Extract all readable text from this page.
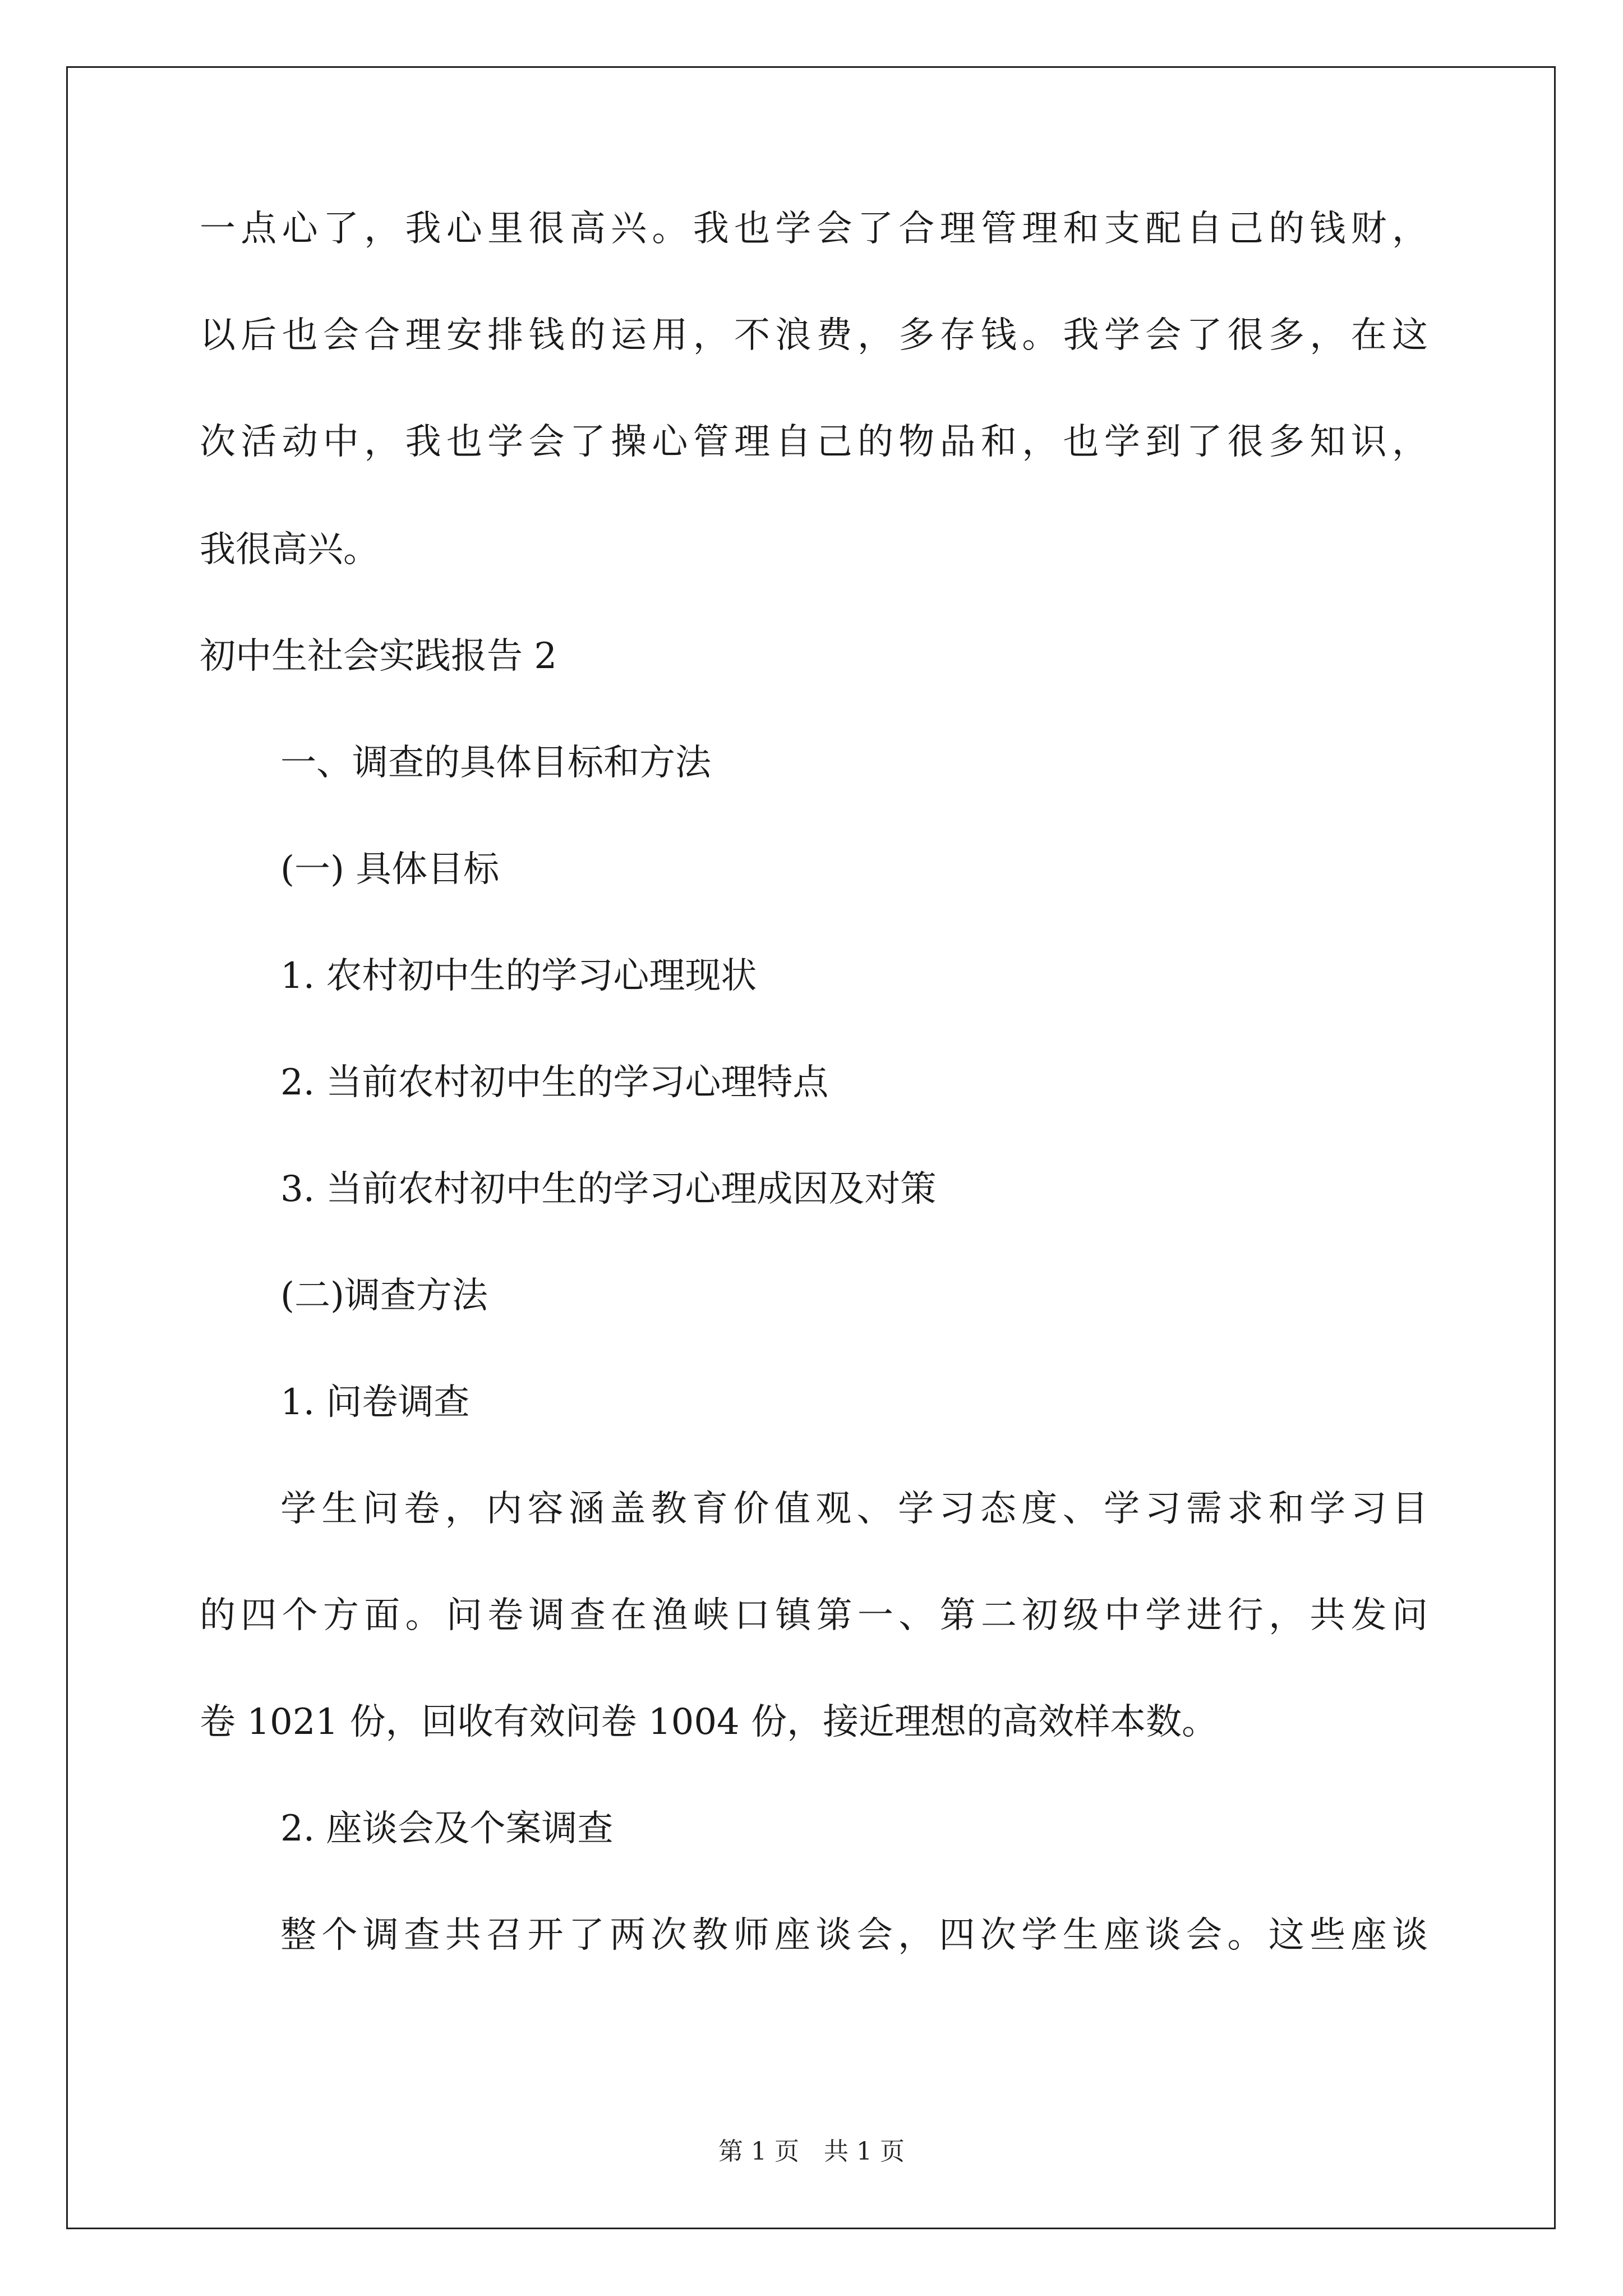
一点心了，我心里很高兴。我也学会了合理管理和支配自己的钱财，
以后也会合理安排钱的运用，不浪费，多存钱。我学会了很多，在这
次活动中，我也学会了操心管理自己的物品和，也学到了很多知识，
我很高兴。
初中生社会实践报告 2
一、调查的具体目标和方法
(一) 具体目标
1. 农村初中生的学习心理现状
2. 当前农村初中生的学习心理特点
3. 当前农村初中生的学习心理成因及对策
(二)调查方法
1. 问卷调查
学生问卷，内容涵盖教育价值观、学习态度、学习需求和学习目
的四个方面。问卷调查在渔峡口镇第一、第二初级中学进行，共发问
卷 1021 份，回收有效问卷 1004 份，接近理想的高效样本数。
2. 座谈会及个案调查
整个调查共召开了两次教师座谈会，四次学生座谈会。这些座谈
第 1 页　共 1 页
